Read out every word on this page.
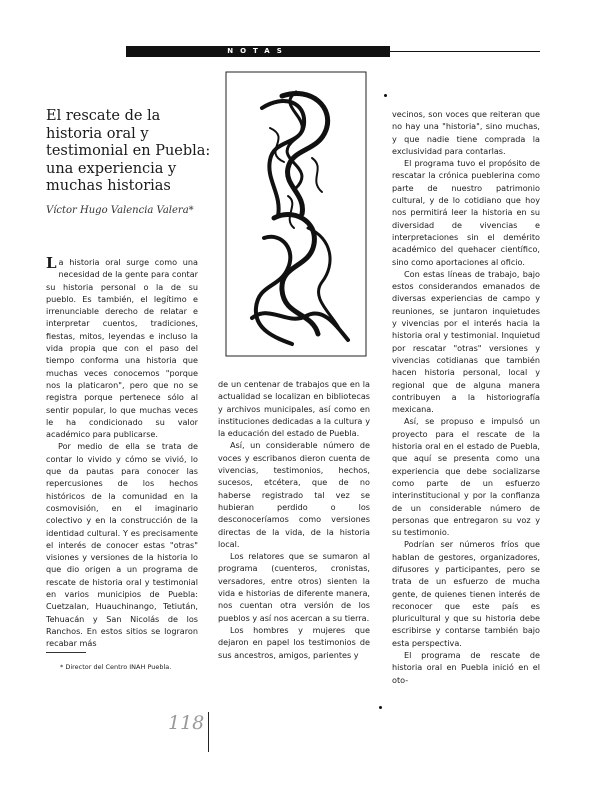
NOTAS
El rescate de la historia oral y testimonial en Puebla: una experiencia y muchas historias
Víctor Hugo Valencia Valera*

La historia oral surge como una necesidad de la gente para contar su historia personal o la de su pueblo. Es también, el legítimo e irrenunciable derecho de relatar e interpretar cuentos, tradiciones, fiestas, mitos, leyendas e incluso la vida propia que con el paso del tiempo conforma una historia que muchas veces conocemos "porque nos la platicaron", pero que no se registra porque pertenece sólo al sentir popular, lo que muchas veces le ha condicionado su valor académico para publicarse.

Por medio de ella se trata de contar lo vivido y cómo se vivió, lo que da pautas para conocer las repercusiones de los hechos históricos de la comunidad en la cosmovisión, en el imaginario colectivo y en la construcción de la identidad cultural. Y es precisamente el interés de conocer estas "otras" visiones y versiones de la historia lo que dio origen a un programa de rescate de historia oral y testimonial en varios municipios de Puebla: Cuetzalan, Huauchinango, Tetiután, Tehuacán y San Nicolás de los Ranchos. En estos sitios se lograron recabar más

* Director del Centro INAH Puebla.

de un centenar de trabajos que en la actualidad se localizan en bibliotecas y archivos municipales, así como en instituciones dedicadas a la cultura y la educación del estado de Puebla.

Así, un considerable número de voces y escribanos dieron cuenta de vivencias, testimonios, hechos, sucesos, etcétera, que de no haberse registrado tal vez se hubieran perdido o los desconoceríamos como versiones directas de la vida, de la historia local.

Los relatores que se sumaron al programa (cuenteros, cronistas, versadores, entre otros) sienten la vida e historias de diferente manera, nos cuentan otra versión de los pueblos y así nos acercan a su tierra.

Los hombres y mujeres que dejaron en papel los testimonios de sus ancestros, amigos, parientes y

vecinos, son voces que reiteran que no hay una "historia", sino muchas, y que nadie tiene comprada la exclusividad para contarlas.

El programa tuvo el propósito de rescatar la crónica pueblerina como parte de nuestro patrimonio cultural, y de lo cotidiano que hoy nos permitirá leer la historia en su diversidad de vivencias e interpretaciones sin el demérito académico del quehacer científico, sino como aportaciones al oficio.

Con estas líneas de trabajo, bajo estos considerandos emanados de diversas experiencias de campo y reuniones, se juntaron inquietudes y vivencias por el interés hacia la historia oral y testimonial. Inquietud por rescatar "otras" versiones y vivencias cotidianas que también hacen historia personal, local y regional que de alguna manera contribuyen a la historiografía mexicana.

Así, se propuso e impulsó un proyecto para el rescate de la historia oral en el estado de Puebla, que aquí se presenta como una experiencia que debe socializarse como parte de un esfuerzo interinstitucional y por la confianza de un considerable número de personas que entregaron su voz y su testimonio.

Podrían ser números fríos que hablan de gestores, organizadores, difusores y participantes, pero se trata de un esfuerzo de mucha gente, de quienes tienen interés de reconocer que este país es pluricultural y que su historia debe escribirse y contarse también bajo esta perspectiva.

El programa de rescate de historia oral en Puebla inició en el oto-

118
